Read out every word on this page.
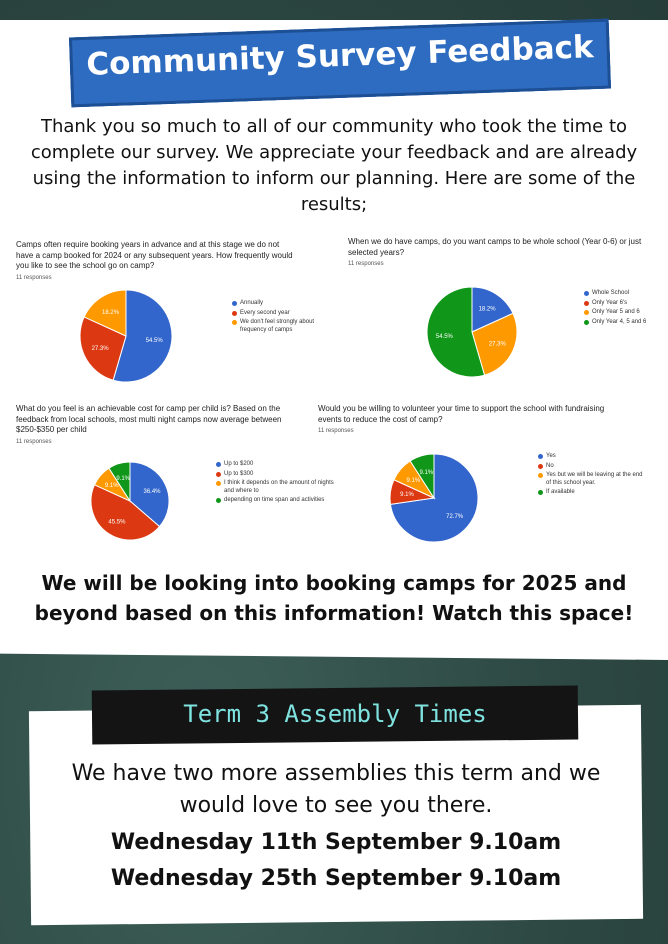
Community Survey Feedback
Thank you so much to all of our community who took the time to complete our survey. We appreciate your feedback and are already using the information to inform our planning. Here are some of the results;
Camps often require booking years in advance and at this stage we do not have a camp booked for 2024 or any subsequent years. How frequently would you like to see the school go on camp?
11 responses
54.5%
27.3%
18.2%
Annually
Every second year
We don't feel strongly about frequency of camps
When we do have camps, do you want camps to be whole school (Year 0-6) or just selected years?
11 responses
18.2%
27.3%
54.5%
Whole School
Only Year 6's
Only Year 5 and 6
Only Year 4, 5 and 6
What do you feel is an achievable cost for camp per child is? Based on the feedback from local schools, most multi night camps now average between $250-$350 per child
11 responses
36.4%
45.5%
9.1%
9.1%
Up to $200
Up to $300
I think it depends on the amount of nights and where to
depending on time span and activities
Would you be willing to volunteer your time to support the school with fundraising events to reduce the cost of camp?
11 responses
72.7%
9.1%
9.1%
9.1%
Yes
No
Yes but we will be leaving at the end of this school year.
If available
We will be looking into booking camps for 2025 and beyond based on this information! Watch this space!
Term 3 Assembly Times
We have two more assemblies this term and we would love to see you there.
Wednesday 11th September 9.10am
Wednesday 25th September 9.10am
